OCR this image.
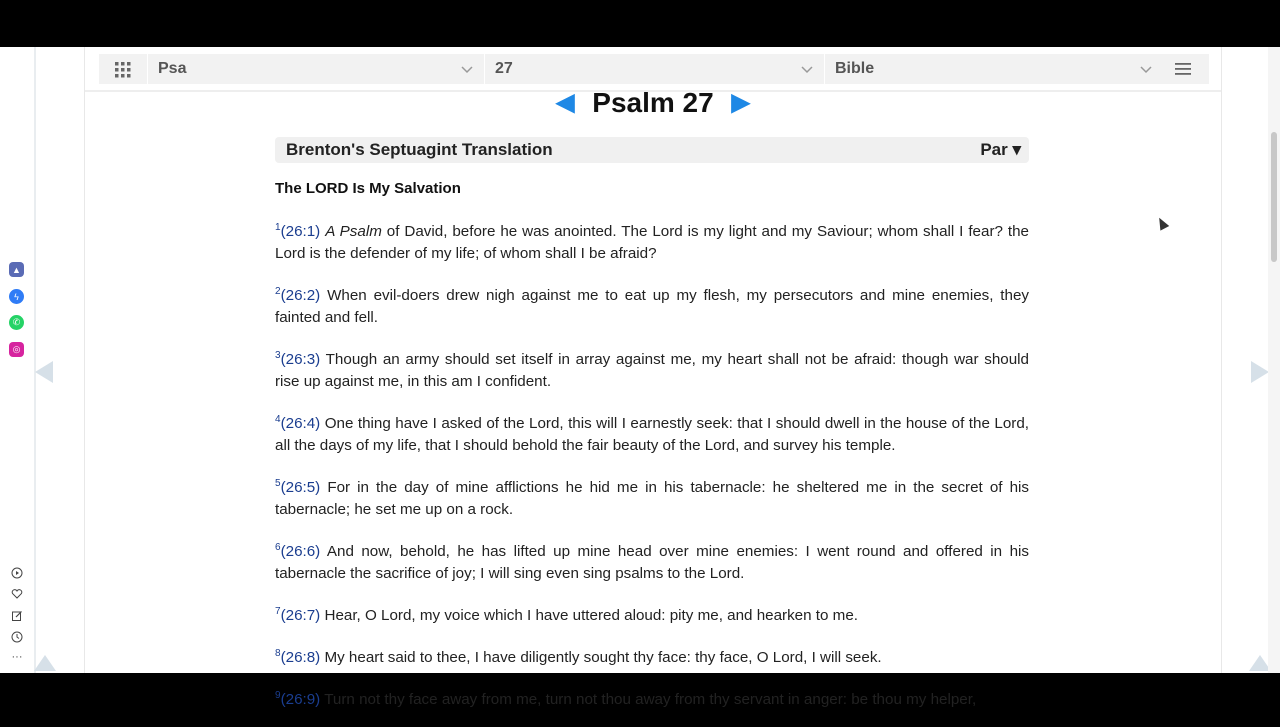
▲
ϟ
✆
◎
···
Psa	27	Bible
◀ Psalm 27 ▶
Brenton's Septuagint Translation	Par ▾
The LORD Is My Salvation

$^1$(26:1) A Psalm of David, before he was anointed. The Lord is my light and my Saviour; whom shall I fear? the Lord is the defender of my life; of whom shall I be afraid?

$^2$(26:2) When evil-doers drew nigh against me to eat up my flesh, my persecutors and mine enemies, they fainted and fell.

$^3$(26:3) Though an army should set itself in array against me, my heart shall not be afraid: though war should rise up against me, in this am I confident.

$^4$(26:4) One thing have I asked of the Lord, this will I earnestly seek: that I should dwell in the house of the Lord, all the days of my life, that I should behold the fair beauty of the Lord, and survey his temple.

$^5$(26:5) For in the day of mine afflictions he hid me in his tabernacle: he sheltered me in the secret of his tabernacle; he set me up on a rock.

$^6$(26:6) And now, behold, he has lifted up mine head over mine enemies: I went round and offered in his tabernacle the sacrifice of joy; I will sing even sing psalms to the Lord.

$^7$(26:7) Hear, O Lord, my voice which I have uttered aloud: pity me, and hearken to me.

$^8$(26:8) My heart said to thee, I have diligently sought thy face: thy face, O Lord, I will seek.

$^9$(26:9) Turn not thy face away from me, turn not thou away from thy servant in anger: be thou my helper,
